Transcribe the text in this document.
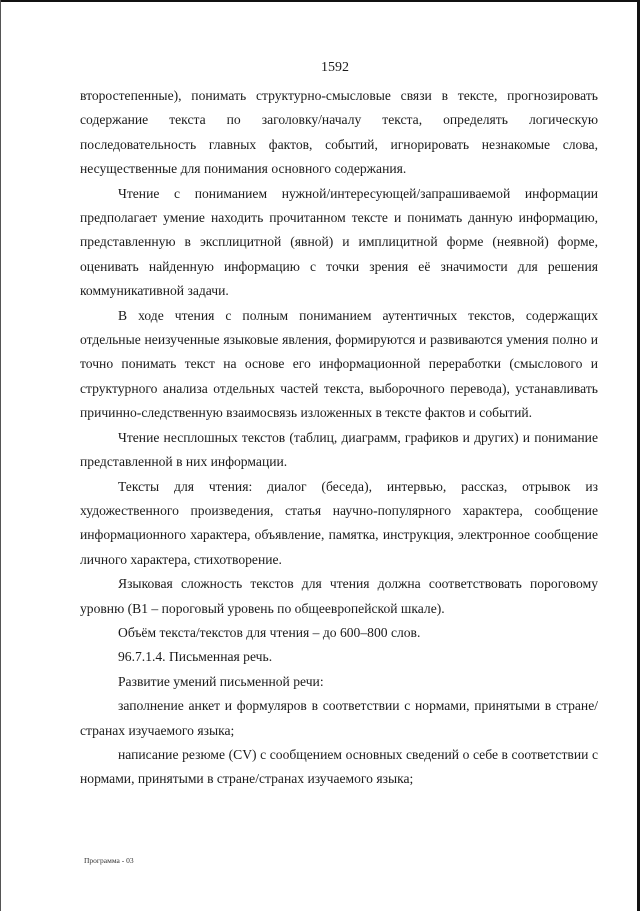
1592

второстепенные), понимать структурно-смысловые связи в тексте, прогнозировать содержание текста по заголовку/началу текста, определять логическую последовательность главных фактов, событий, игнорировать незнакомые слова, несущественные для понимания основного содержания.

Чтение с пониманием нужной/интересующей/запрашиваемой информации предполагает умение находить прочитанном тексте и понимать данную информацию, представленную в эксплицитной (явной) и имплицитной форме (неявной) форме, оценивать найденную информацию с точки зрения её значимости для решения коммуникативной задачи.

В ходе чтения с полным пониманием аутентичных текстов, содержащих отдельные неизученные языковые явления, формируются и развиваются умения полно и точно понимать текст на основе его информационной переработки (смыслового и структурного анализа отдельных частей текста, выборочного перевода), устанавливать причинно-следственную взаимосвязь изложенных в тексте фактов и событий.

Чтение несплошных текстов (таблиц, диаграмм, графиков и других) и понимание представленной в них информации.

Тексты для чтения: диалог (беседа), интервью, рассказ, отрывок из художественного произведения, статья научно-популярного характера, сообщение информационного характера, объявление, памятка, инструкция, электронное сообщение личного характера, стихотворение.

Языковая сложность текстов для чтения должна соответствовать пороговому уровню (B1 – пороговый уровень по общеевропейской шкале).

Объём текста/текстов для чтения – до 600–800 слов.

96.7.1.4. Письменная речь.

Развитие умений письменной речи:

заполнение анкет и формуляров в соответствии с нормами, принятыми в стране/странах изучаемого языка;

написание резюме (CV) с сообщением основных сведений о себе в соответствии с нормами, принятыми в стране/странах изучаемого языка;

Программа - 03
